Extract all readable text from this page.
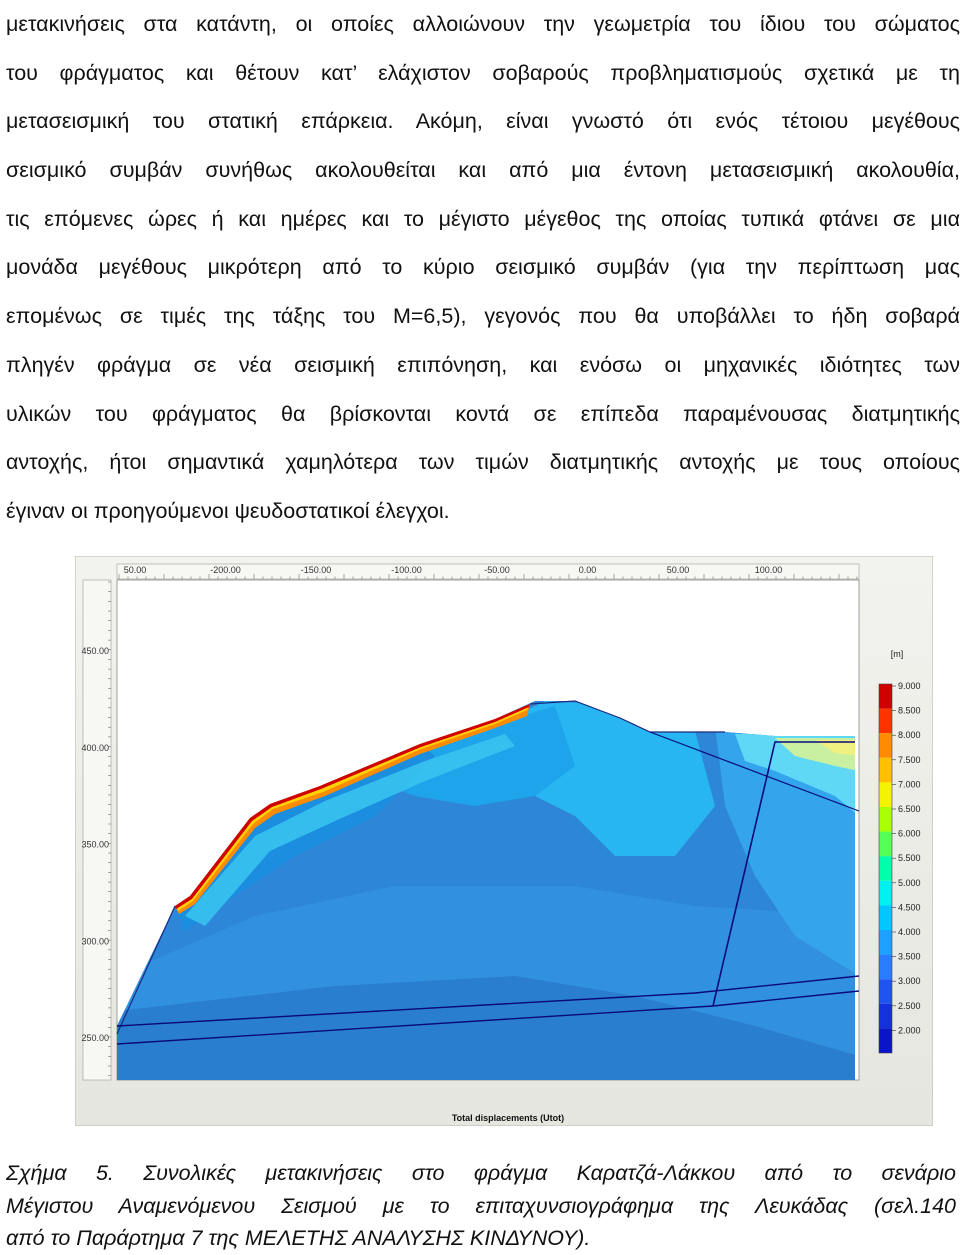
μετακινήσεις στα κατάντη, οι οποίες αλλοιώνουν την γεωμετρία του ίδιου του σώματος
του φράγματος και θέτουν κατ’ ελάχιστον σοβαρούς προβληματισμούς σχετικά με τη
μετασεισμική του στατική επάρκεια. Ακόμη, είναι γνωστό ότι ενός τέτοιου μεγέθους
σεισμικό συμβάν συνήθως ακολουθείται και από μια έντονη μετασεισμική ακολουθία,
τις επόμενες ώρες ή και ημέρες και το μέγιστο μέγεθος της οποίας τυπικά φτάνει σε μια
μονάδα μεγέθους μικρότερη από το κύριο σεισμικό συμβάν (για την περίπτωση μας
επομένως σε τιμές της τάξης του Μ=6,5), γεγονός που θα υποβάλλει το ήδη σοβαρά
πληγέν φράγμα σε νέα σεισμική επιπόνηση, και ενόσω οι μηχανικές ιδιότητες των
υλικών του φράγματος θα βρίσκονται κοντά σε επίπεδα παραμένουσας διατμητικής
αντοχής, ήτοι σημαντικά χαμηλότερα των τιμών διατμητικής αντοχής με τους οποίους
έγιναν οι προηγούμενοι ψευδοστατικοί έλεγχοι.
50.00	-200.00	-150.00	-100.00	-50.00	0.00	50.00	100.00
450.00
400.00
350.00
300.00
250.00
[m]
9.000
8.500
8.000
7.500
7.000
6.500
6.000
5.500
5.000
4.500
4.000
3.500
3.000
2.500
2.000
Total displacements (Utot)
Σχήμα 5. Συνολικές μετακινήσεις στο φράγμα Καρατζά-Λάκκου από το σενάριο
Μέγιστου Αναμενόμενου Σεισμού με το επιταχυνσιογράφημα της Λευκάδας (σελ.140
από το Παράρτημα 7 της ΜΕΛΕΤΗΣ ΑΝΑΛΥΣΗΣ ΚΙΝΔΥΝΟΥ).
